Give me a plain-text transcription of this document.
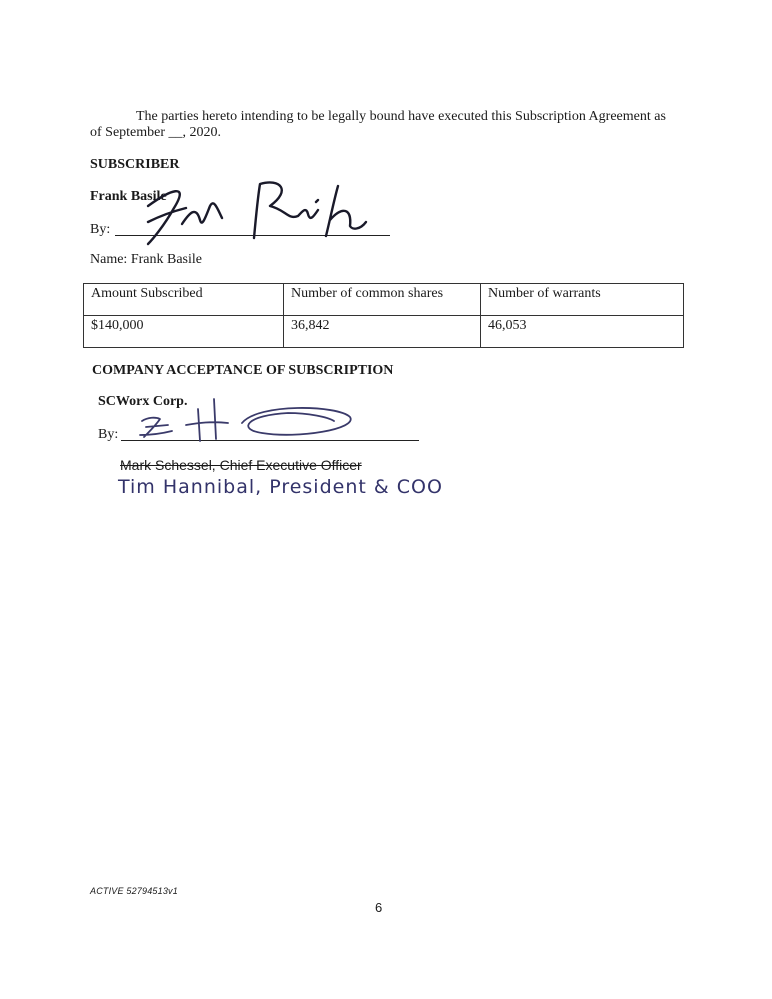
The parties hereto intending to be legally bound have executed this Subscription Agreement as
of September __, 2020.
SUBSCRIBER
Frank Basile
By:
Name: Frank Basile
Amount Subscribed	Number of common shares	Number of warrants
$140,000	36,842	46,053
COMPANY ACCEPTANCE OF SUBSCRIPTION
SCWorx Corp.
By:
Mark Schessel, Chief Executive Officer
Tim Hannibal, President & COO
ACTIVE 52794513v1
6
